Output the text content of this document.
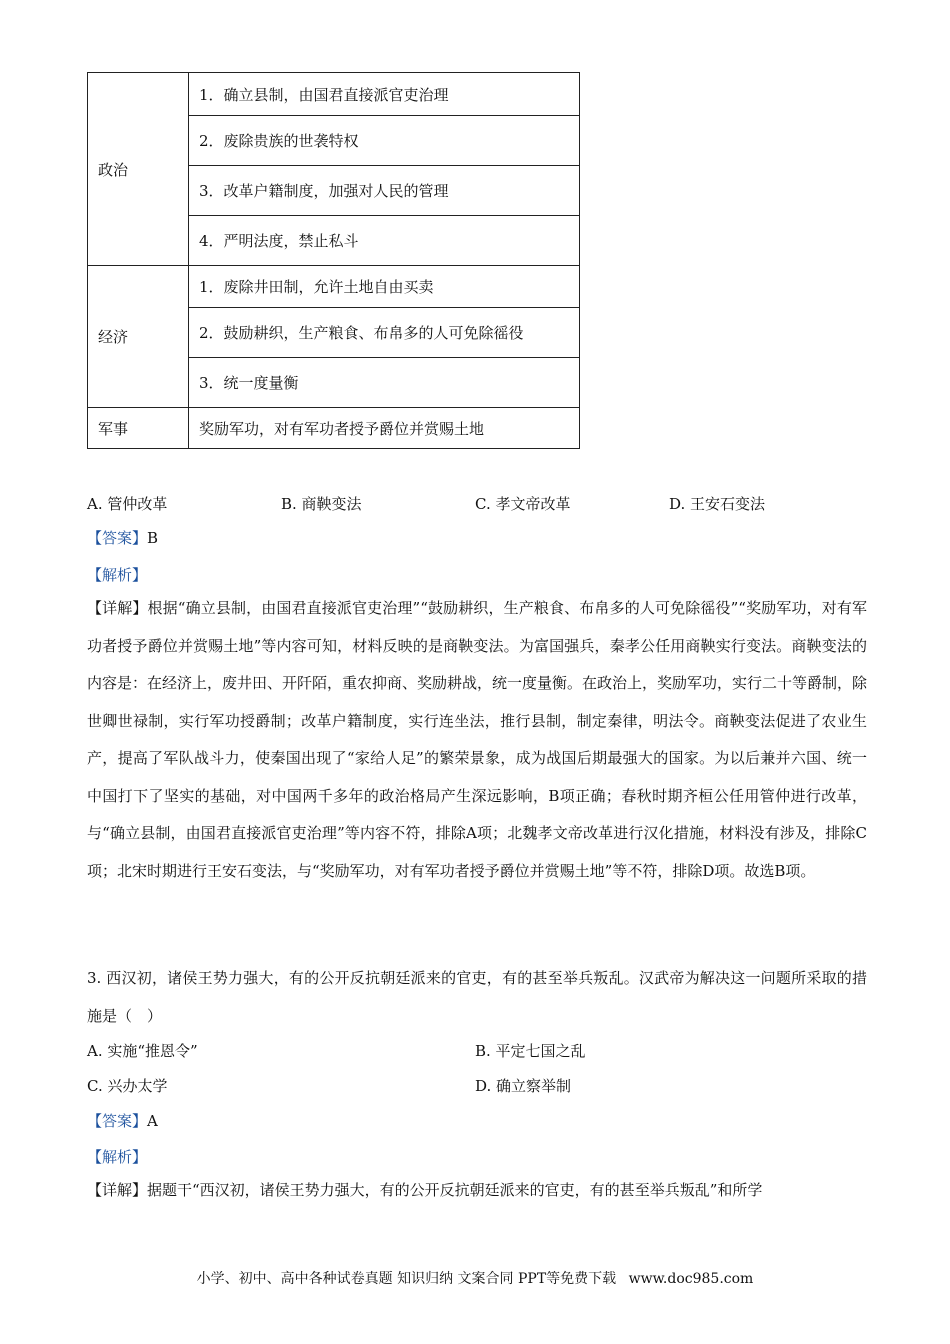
政治	1．确立县制，由国君直接派官吏治理
	2．废除贵族的世袭特权
	3．改革户籍制度，加强对人民的管理
	4．严明法度，禁止私斗
经济	1．废除井田制，允许土地自由买卖
	2．鼓励耕织，生产粮食、布帛多的人可免除徭役
	3．统一度量衡
军事	奖励军功，对有军功者授予爵位并赏赐土地
A. 管仲改革	B. 商鞅变法	C. 孝文帝改革	D. 王安石变法
【答案】B
【解析】
【详解】根据“确立县制，由国君直接派官吏治理”“鼓励耕织，生产粮食、布帛多的人可免除徭役”“奖励军功，对有军功者授予爵位并赏赐土地”等内容可知，材料反映的是商鞅变法。为富国强兵，秦孝公任用商鞅实行变法。商鞅变法的内容是：在经济上，废井田、开阡陌，重农抑商、奖励耕战，统一度量衡。在政治上，奖励军功，实行二十等爵制，除世卿世禄制，实行军功授爵制；改革户籍制度，实行连坐法，推行县制，制定秦律，明法令。商鞅变法促进了农业生产，提高了军队战斗力，使秦国出现了“家给人足”的繁荣景象，成为战国后期最强大的国家。为以后兼并六国、统一中国打下了坚实的基础，对中国两千多年的政治格局产生深远影响，B项正确；春秋时期齐桓公任用管仲进行改革，与“确立县制，由国君直接派官吏治理”等内容不符，排除A项；北魏孝文帝改革进行汉化措施，材料没有涉及，排除C项；北宋时期进行王安石变法，与“奖励军功，对有军功者授予爵位并赏赐土地”等不符，排除D项。故选B项。
3. 西汉初，诸侯王势力强大，有的公开反抗朝廷派来的官吏，有的甚至举兵叛乱。汉武帝为解决这一问题所采取的措施是（　）
A. 实施“推恩令”	B. 平定七国之乱
C. 兴办太学	D. 确立察举制
【答案】A
【解析】
【详解】据题干“西汉初，诸侯王势力强大，有的公开反抗朝廷派来的官吏，有的甚至举兵叛乱”和所学
小学、初中、高中各种试卷真题 知识归纳 文案合同 PPT等免费下载 www.doc985.com
